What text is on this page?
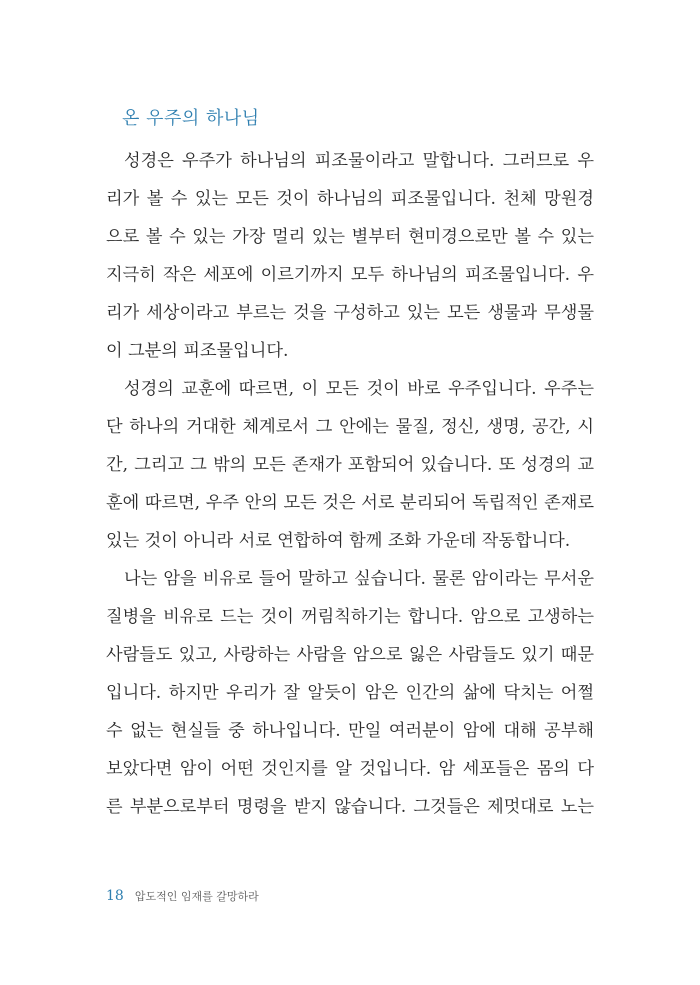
온 우주의 하나님
성경은 우주가 하나님의 피조물이라고 말합니다. 그러므로 우
리가 볼 수 있는 모든 것이 하나님의 피조물입니다. 천체 망원경
으로 볼 수 있는 가장 멀리 있는 별부터 현미경으로만 볼 수 있는
지극히 작은 세포에 이르기까지 모두 하나님의 피조물입니다. 우
리가 세상이라고 부르는 것을 구성하고 있는 모든 생물과 무생물
이 그분의 피조물입니다.
성경의 교훈에 따르면, 이 모든 것이 바로 우주입니다. 우주는
단 하나의 거대한 체계로서 그 안에는 물질, 정신, 생명, 공간, 시
간, 그리고 그 밖의 모든 존재가 포함되어 있습니다. 또 성경의 교
훈에 따르면, 우주 안의 모든 것은 서로 분리되어 독립적인 존재로
있는 것이 아니라 서로 연합하여 함께 조화 가운데 작동합니다.
나는 암을 비유로 들어 말하고 싶습니다. 물론 암이라는 무서운
질병을 비유로 드는 것이 꺼림칙하기는 합니다. 암으로 고생하는
사람들도 있고, 사랑하는 사람을 암으로 잃은 사람들도 있기 때문
입니다. 하지만 우리가 잘 알듯이 암은 인간의 삶에 닥치는 어쩔
수 없는 현실들 중 하나입니다. 만일 여러분이 암에 대해 공부해
보았다면 암이 어떤 것인지를 알 것입니다. 암 세포들은 몸의 다
른 부분으로부터 명령을 받지 않습니다. 그것들은 제멋대로 노는
18 압도적인 임재를 갈망하라
